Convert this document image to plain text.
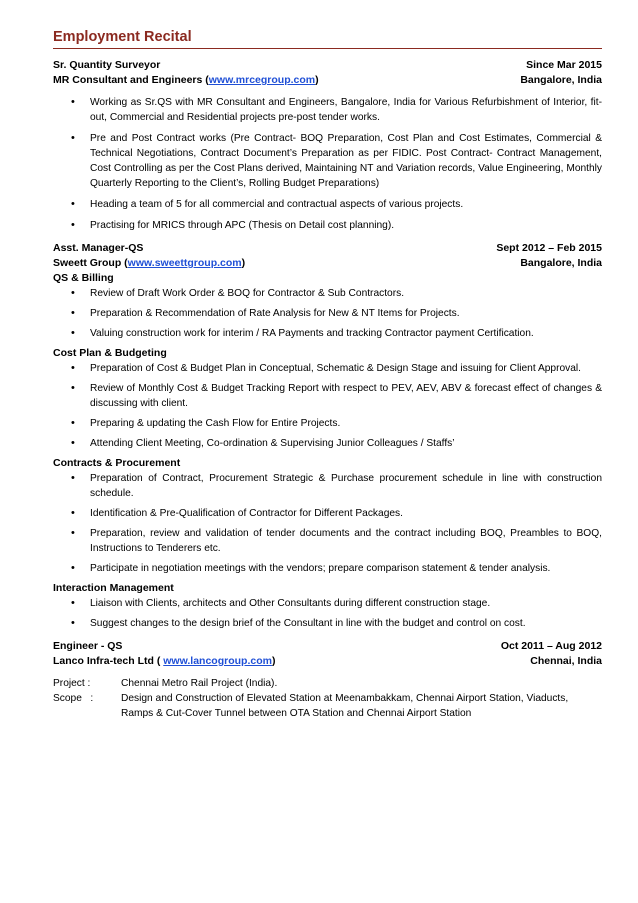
Employment Recital
Sr. Quantity Surveyor	Since Mar 2015
MR Consultant and Engineers (www.mrcegroup.com)	Bangalore, India
• Working as Sr.QS with MR Consultant and Engineers, Bangalore, India for Various Refurbishment of Interior, fit-out, Commercial and Residential projects pre-post tender works.
• Pre and Post Contract works (Pre Contract- BOQ Preparation, Cost Plan and Cost Estimates, Commercial & Technical Negotiations, Contract Document’s Preparation as per FIDIC. Post Contract- Contract Management, Cost Controlling as per the Cost Plans derived, Maintaining NT and Variation records, Value Engineering, Monthly Quarterly Reporting to the Client’s, Rolling Budget Preparations)
• Heading a team of 5 for all commercial and contractual aspects of various projects.
• Practising for MRICS through APC (Thesis on Detail cost planning).
Asst. Manager-QS	Sept 2012 – Feb 2015
Sweett Group (www.sweettgroup.com)	Bangalore, India
QS & Billing
• Review of Draft Work Order & BOQ for Contractor & Sub Contractors.
• Preparation & Recommendation of Rate Analysis for New & NT Items for Projects.
• Valuing construction work for interim / RA Payments and tracking Contractor payment Certification.
Cost Plan & Budgeting
• Preparation of Cost & Budget Plan in Conceptual, Schematic & Design Stage and issuing for Client Approval.
• Review of Monthly Cost & Budget Tracking Report with respect to PEV, AEV, ABV & forecast effect of changes & discussing with client.
• Preparing & updating the Cash Flow for Entire Projects.
• Attending Client Meeting, Co-ordination & Supervising Junior Colleagues / Staffs’
Contracts & Procurement
• Preparation of Contract, Procurement Strategic & Purchase procurement schedule in line with construction schedule.
• Identification & Pre-Qualification of Contractor for Different Packages.
• Preparation, review and validation of tender documents and the contract including BOQ, Preambles to BOQ, Instructions to Tenderers etc.
• Participate in negotiation meetings with the vendors; prepare comparison statement & tender analysis.
Interaction Management
• Liaison with Clients, architects and Other Consultants during different construction stage.
• Suggest changes to the design brief of the Consultant in line with the budget and control on cost.
Engineer - QS	Oct 2011 – Aug 2012
Lanco Infra-tech Ltd ( www.lancogroup.com)	Chennai, India
Project :	Chennai Metro Rail Project (India).
Scope   :	Design and Construction of Elevated Station at Meenambakkam, Chennai Airport Station, Viaducts, Ramps & Cut-Cover Tunnel between OTA Station and Chennai Airport Station
